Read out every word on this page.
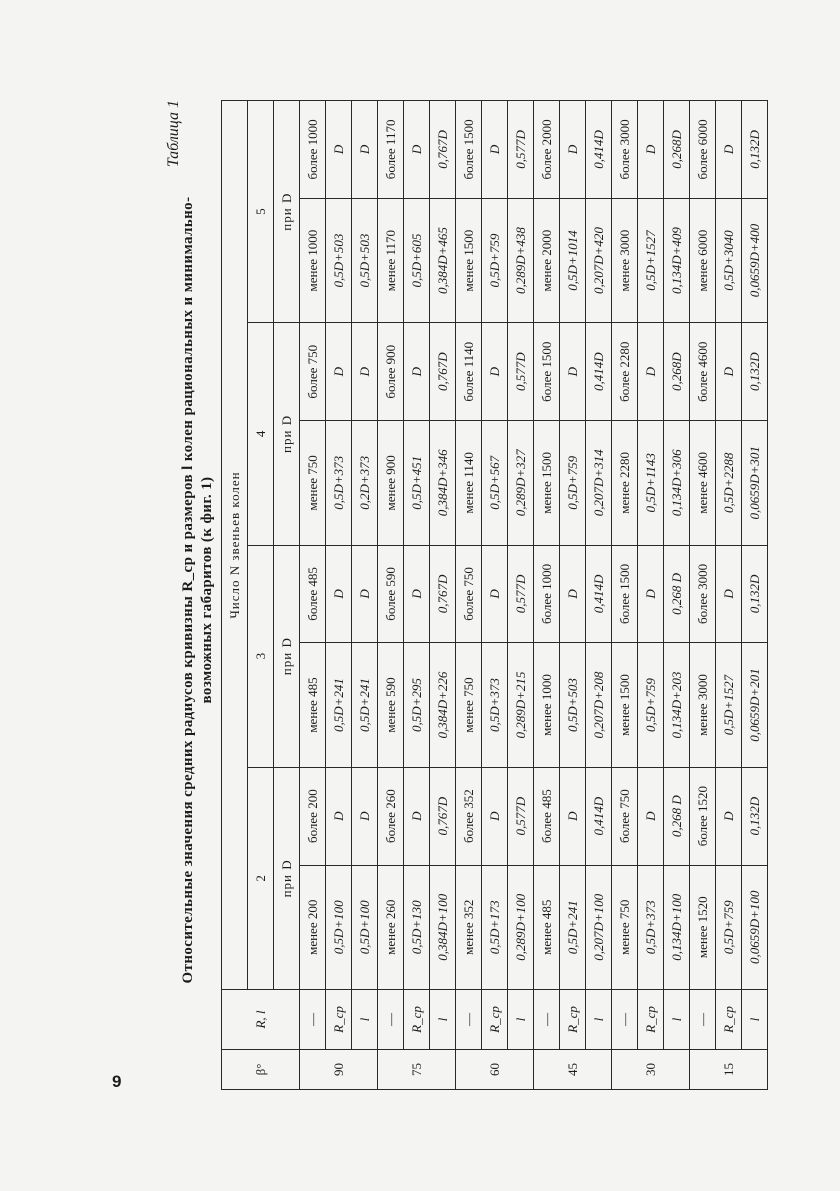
9
Таблица 1
Относительные значения средних радиусов кривизны R_cp и размеров l колен рациональных и минимально- возможных габаритов (к фиг. 1)
β°	R, l	Число N звеньев колен							
		2		3		4		5	
		при D		при D		при D		при D	
90	—	менее 200	более 200	менее 485	более 485	менее 750	более 750	менее 1000	более 1000
	R_cp	0,5D+100	D	0,5D+241	D	0,5D+373	D	0,5D+503	D
	l	0,5D+100	D	0,5D+241	D	0,2D+373	D	0,5D+503	D
75	—	менее 260	более 260	менее 590	более 590	менее 900	более 900	менее 1170	более 1170
	R_cp	0,5D+130	D	0,5D+295	D	0,5D+451	D	0,5D+605	D
	l	0,384D+100	0,767D	0,384D+226	0,767D	0,384D+346	0,767D	0,384D+465	0,767D
60	—	менее 352	более 352	менее 750	более 750	менее 1140	более 1140	менее 1500	более 1500
	R_cp	0,5D+173	D	0,5D+373	D	0,5D+567	D	0,5D+759	D
	l	0,289D+100	0,577D	0,289D+215	0,577D	0,289D+327	0,577D	0,289D+438	0,577D
45	—	менее 485	более 485	менее 1000	более 1000	менее 1500	более 1500	менее 2000	более 2000
	R_cp	0,5D+241	D	0,5D+503	D	0,5D+759	D	0,5D+1014	D
	l	0,207D+100	0,414D	0,207D+208	0,414D	0,207D+314	0,414D	0,207D+420	0,414D
30	—	менее 750	более 750	менее 1500	более 1500	менее 2280	более 2280	менее 3000	более 3000
	R_cp	0,5D+373	D	0,5D+759	D	0,5D+1143	D	0,5D+1527	D
	l	0,134D+100	0,268 D	0,134D+203	0,268 D	0,134D+306	0,268D	0,134D+409	0,268D
15	—	менее 1520	более 1520	менее 3000	более 3000	менее 4600	более 4600	менее 6000	более 6000
	R_cp	0,5D+759	D	0,5D+1527	D	0,5D+2288	D	0,5D+3040	D
	l	0,0659D+100	0,132D	0,0659D+201	0,132D	0,0659D+301	0,132D	0,0659D+400	0,132D
